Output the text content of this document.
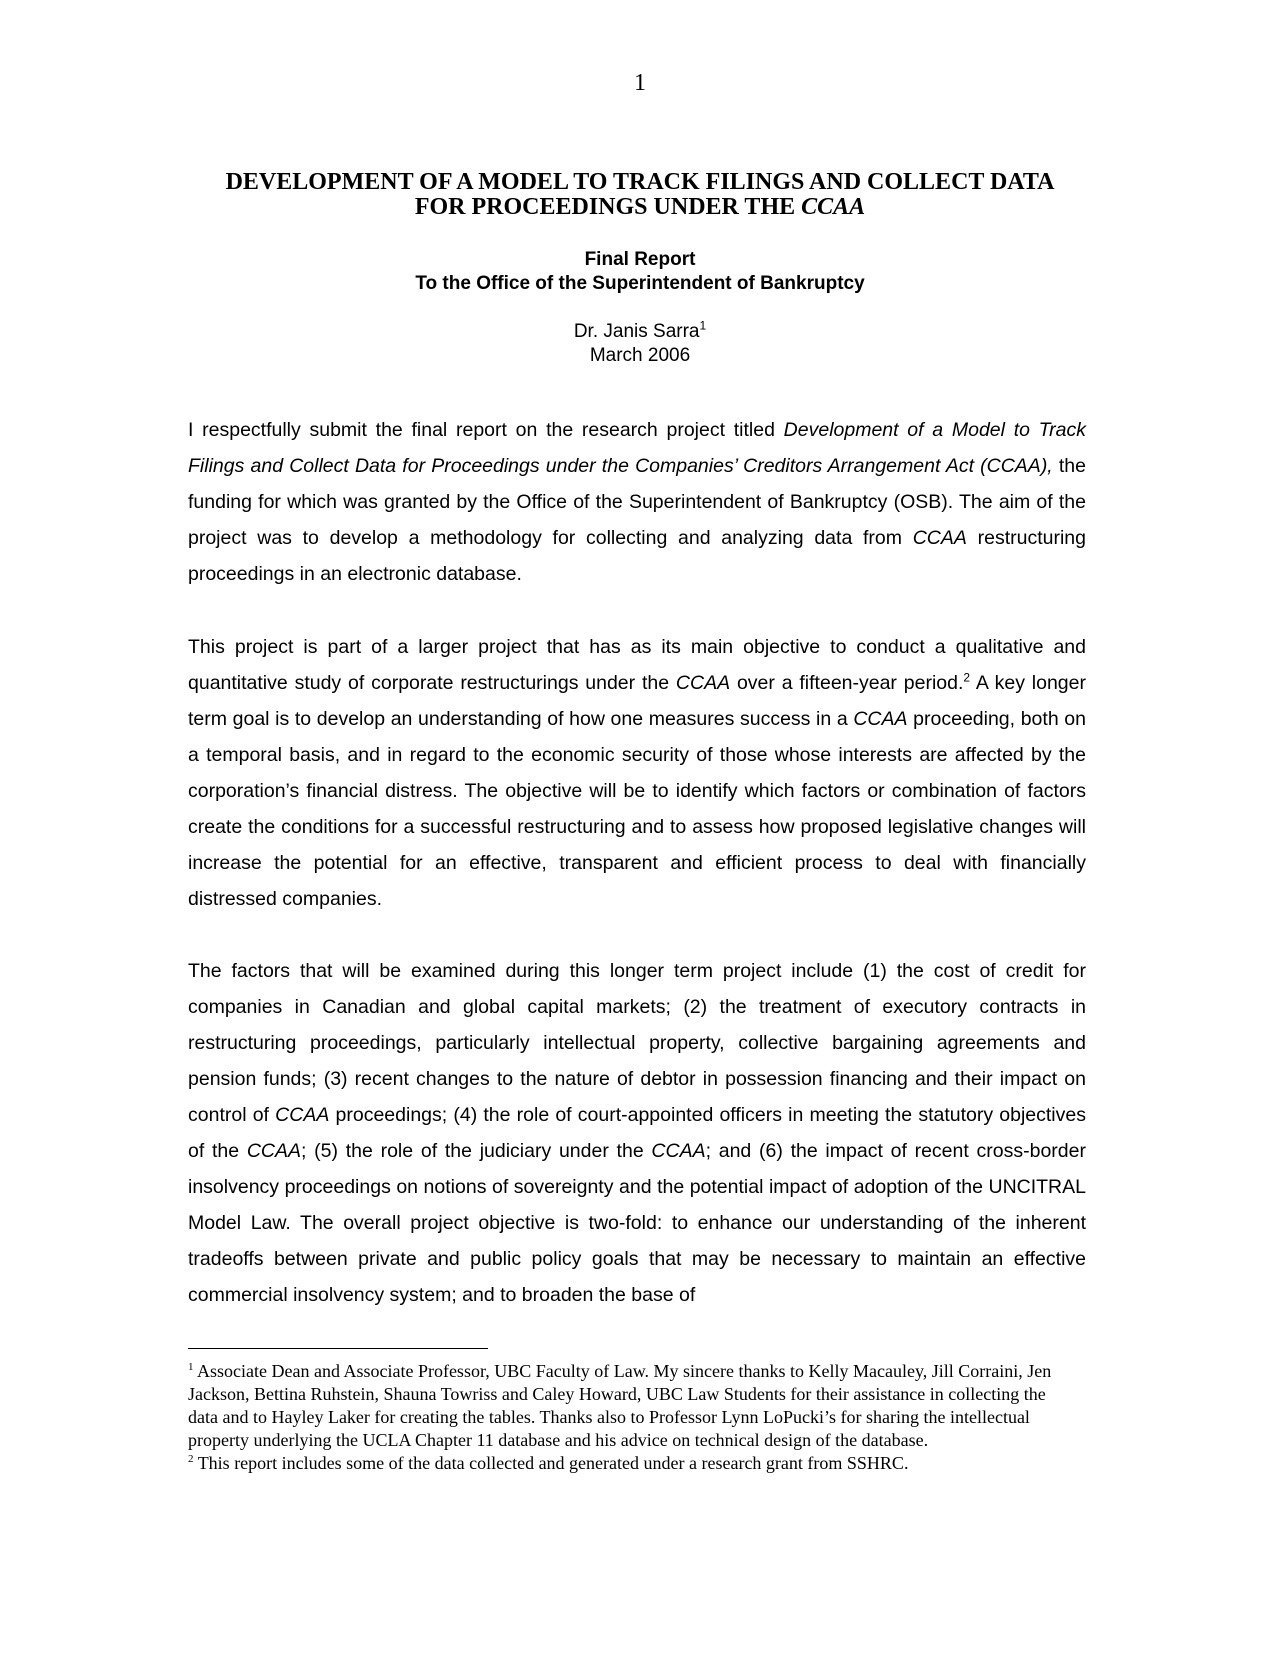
1
DEVELOPMENT OF A MODEL TO TRACK FILINGS AND COLLECT DATA
FOR PROCEEDINGS UNDER THE CCAA
Final Report
To the Office of the Superintendent of Bankruptcy
Dr. Janis Sarra$^1$
March 2006

I respectfully submit the final report on the research project titled Development of a Model to Track Filings and Collect Data for Proceedings under the Companies’ Creditors Arrangement Act (CCAA), the funding for which was granted by the Office of the Superintendent of Bankruptcy (OSB). The aim of the project was to develop a methodology for collecting and analyzing data from CCAA restructuring proceedings in an electronic database.

This project is part of a larger project that has as its main objective to conduct a qualitative and quantitative study of corporate restructurings under the CCAA over a fifteen-year period.$^2$ A key longer term goal is to develop an understanding of how one measures success in a CCAA proceeding, both on a temporal basis, and in regard to the economic security of those whose interests are affected by the corporation’s financial distress. The objective will be to identify which factors or combination of factors create the conditions for a successful restructuring and to assess how proposed legislative changes will increase the potential for an effective, transparent and efficient process to deal with financially distressed companies.

The factors that will be examined during this longer term project include (1) the cost of credit for companies in Canadian and global capital markets; (2) the treatment of executory contracts in restructuring proceedings, particularly intellectual property, collective bargaining agreements and pension funds; (3) recent changes to the nature of debtor in possession financing and their impact on control of CCAA proceedings; (4) the role of court-appointed officers in meeting the statutory objectives of the CCAA; (5) the role of the judiciary under the CCAA; and (6) the impact of recent cross-border insolvency proceedings on notions of sovereignty and the potential impact of adoption of the UNCITRAL Model Law. The overall project objective is two-fold: to enhance our understanding of the inherent tradeoffs between private and public policy goals that may be necessary to maintain an effective commercial insolvency system; and to broaden the base of

$^1$ Associate Dean and Associate Professor, UBC Faculty of Law. My sincere thanks to Kelly Macauley, Jill Corraini, Jen Jackson, Bettina Ruhstein, Shauna Towriss and Caley Howard, UBC Law Students for their assistance in collecting the data and to Hayley Laker for creating the tables. Thanks also to Professor Lynn LoPucki’s for sharing the intellectual property underlying the UCLA Chapter 11 database and his advice on technical design of the database.

$^2$ This report includes some of the data collected and generated under a research grant from SSHRC.
